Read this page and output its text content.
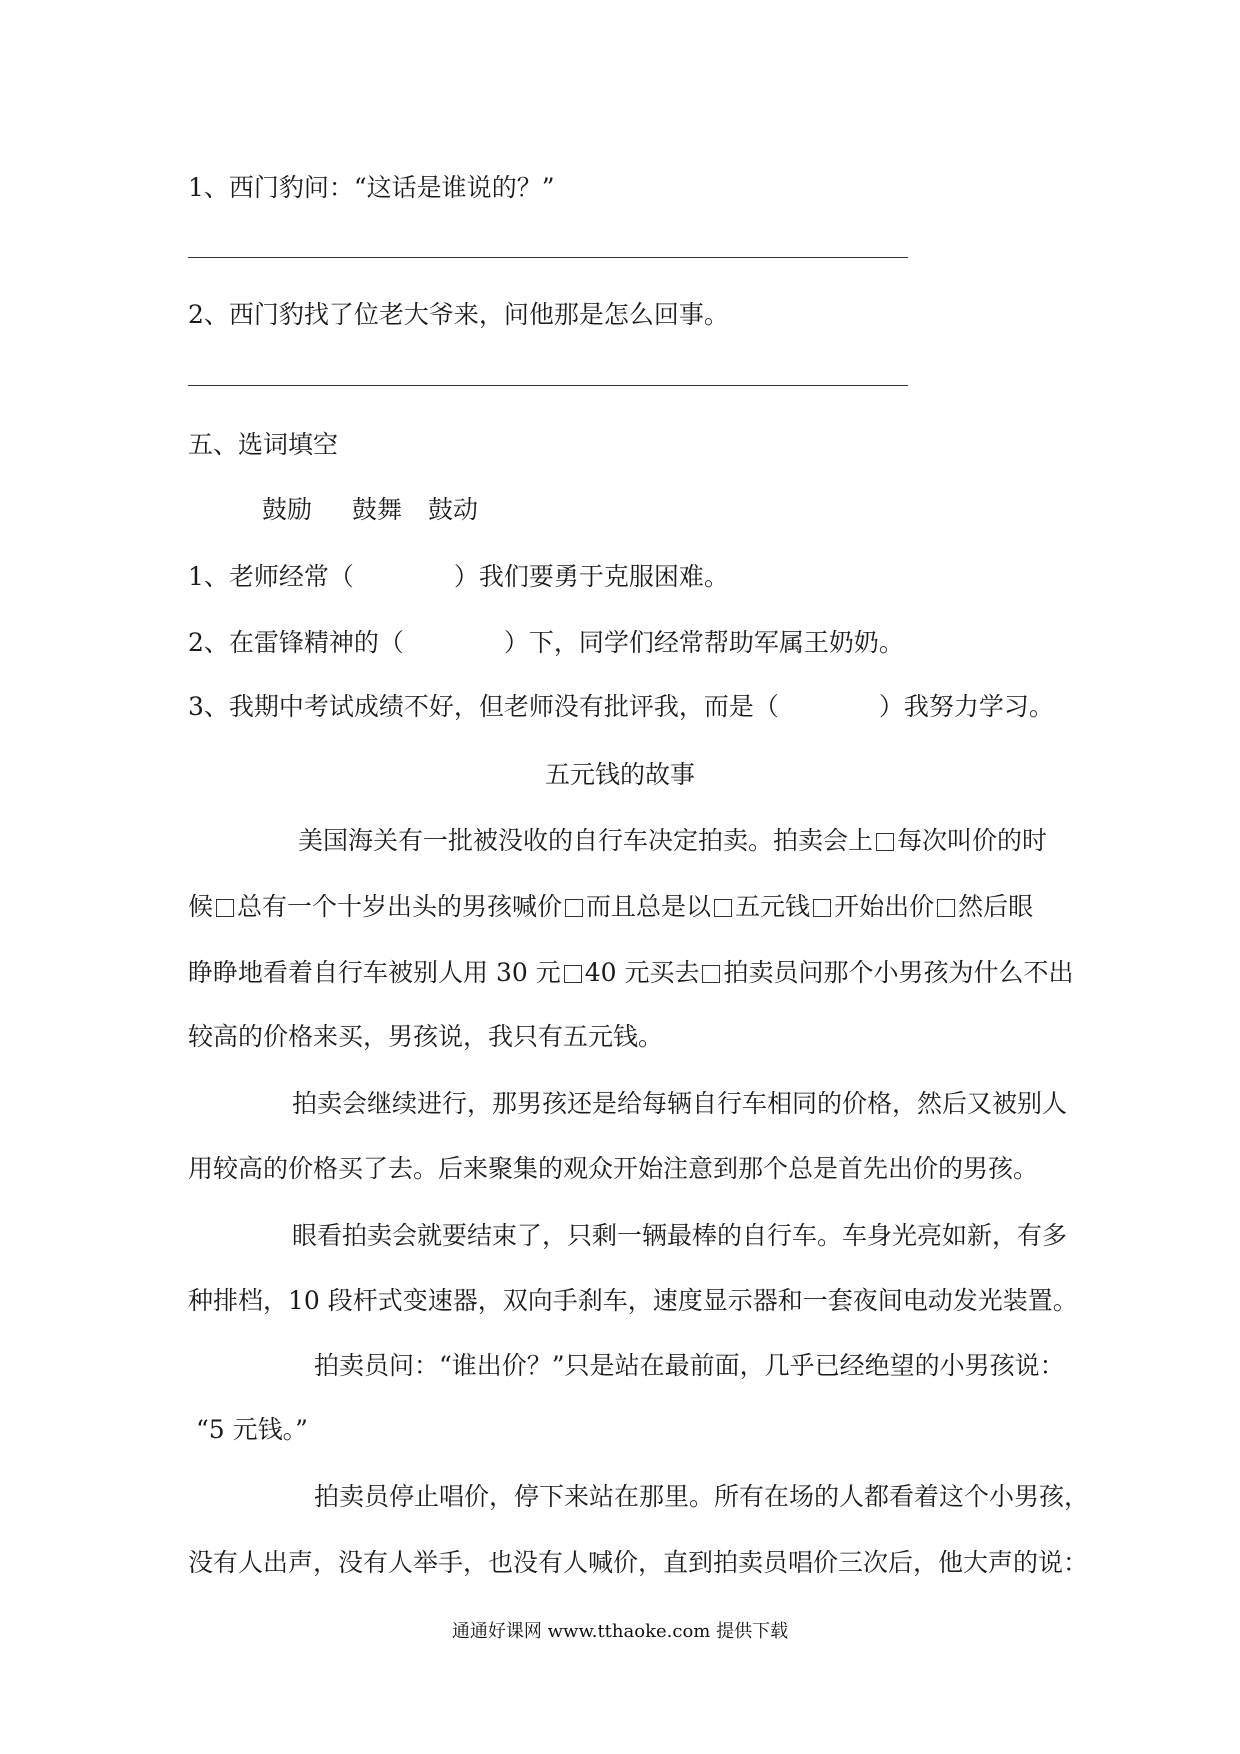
1、西门豹问：“这话是谁说的？”
2、西门豹找了位老大爷来，问他那是怎么回事。
五、选词填空
鼓励 鼓舞 鼓动
1、老师经常（	）我们要勇于克服困难。
2、在雷锋精神的（	）下，同学们经常帮助军属王奶奶。
3、我期中考试成绩不好，但老师没有批评我，而是（	）我努力学习。
五元钱的故事
美国海关有一批被没收的自行车决定拍卖。拍卖会上 每次叫价的时
候 总有一个十岁出头的男孩喊价 而且总是以 五元钱 开始出价 然后眼
睁睁地看着自行车被别人用 30 元 40 元买去 拍卖员问那个小男孩为什么不出
较高的价格来买，男孩说，我只有五元钱。
拍卖会继续进行，那男孩还是给每辆自行车相同的价格，然后又被别人
用较高的价格买了去。后来聚集的观众开始注意到那个总是首先出价的男孩。
眼看拍卖会就要结束了，只剩一辆最棒的自行车。车身光亮如新，有多
种排档，10 段杆式变速器，双向手刹车，速度显示器和一套夜间电动发光装置。
拍卖员问：“谁出价？”只是站在最前面，几乎已经绝望的小男孩说：
“5 元钱。”
拍卖员停止唱价，停下来站在那里。所有在场的人都看着这个小男孩，
没有人出声，没有人举手，也没有人喊价，直到拍卖员唱价三次后，他大声的说：
通通好课网 www.tthaoke.com 提供下载
